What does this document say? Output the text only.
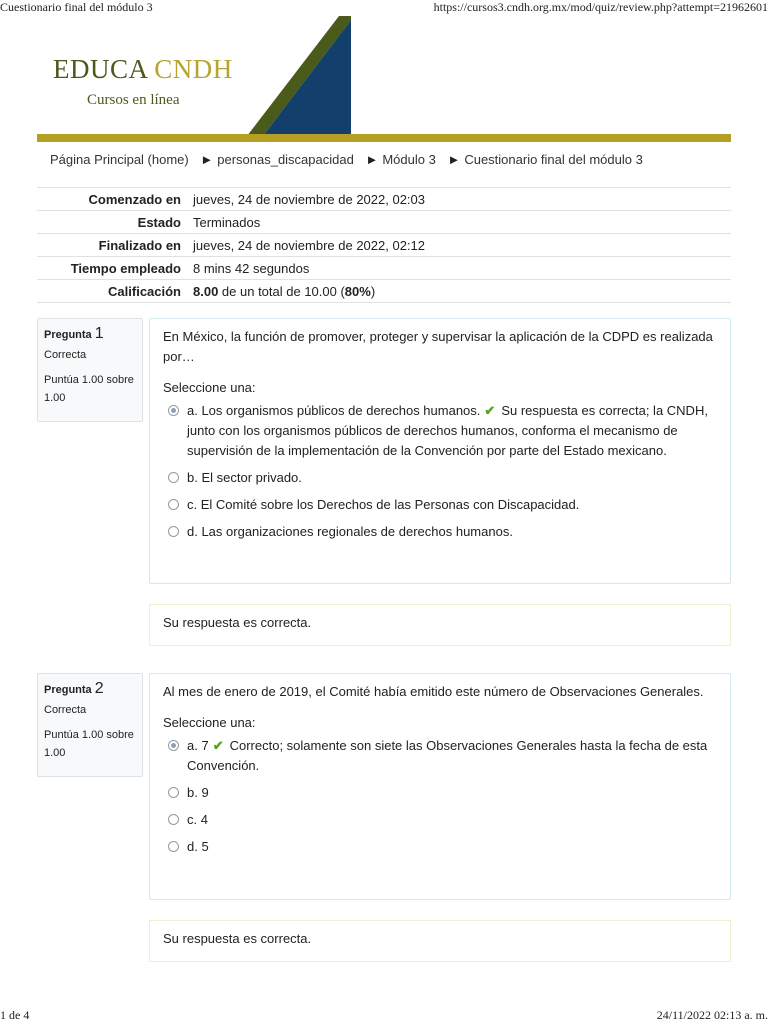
Cuestionario final del módulo 3	https://cursos3.cndh.org.mx/mod/quiz/review.php?attempt=21962601
EDUCA CNDH
Cursos en línea
Página Principal (home) ► personas_discapacidad ► Módulo 3 ► Cuestionario final del módulo 3
Comenzado en	jueves, 24 de noviembre de 2022, 02:03
Estado	Terminados
Finalizado en	jueves, 24 de noviembre de 2022, 02:12
Tiempo empleado	8 mins 42 segundos
Calificación	8.00 de un total de 10.00 (80%)
Pregunta 1
Correcta
Puntúa 1.00 sobre 1.00
En México, la función de promover, proteger y supervisar la aplicación de la CDPD es realizada por…
Seleccione una:
a. Los organismos públicos de derechos humanos. ✔ Su respuesta es correcta; la CNDH, junto con los organismos públicos de derechos humanos, conforma el mecanismo de supervisión de la implementación de la Convención por parte del Estado mexicano.
b. El sector privado.
c. El Comité sobre los Derechos de las Personas con Discapacidad.
d. Las organizaciones regionales de derechos humanos.
Su respuesta es correcta.
Pregunta 2
Correcta
Puntúa 1.00 sobre 1.00
Al mes de enero de 2019, el Comité había emitido este número de Observaciones Generales.
Seleccione una:
a. 7 ✔ Correcto; solamente son siete las Observaciones Generales hasta la fecha de esta Convención.
b. 9
c. 4
d. 5
Su respuesta es correcta.
1 de 4	24/11/2022 02:13 a. m.
